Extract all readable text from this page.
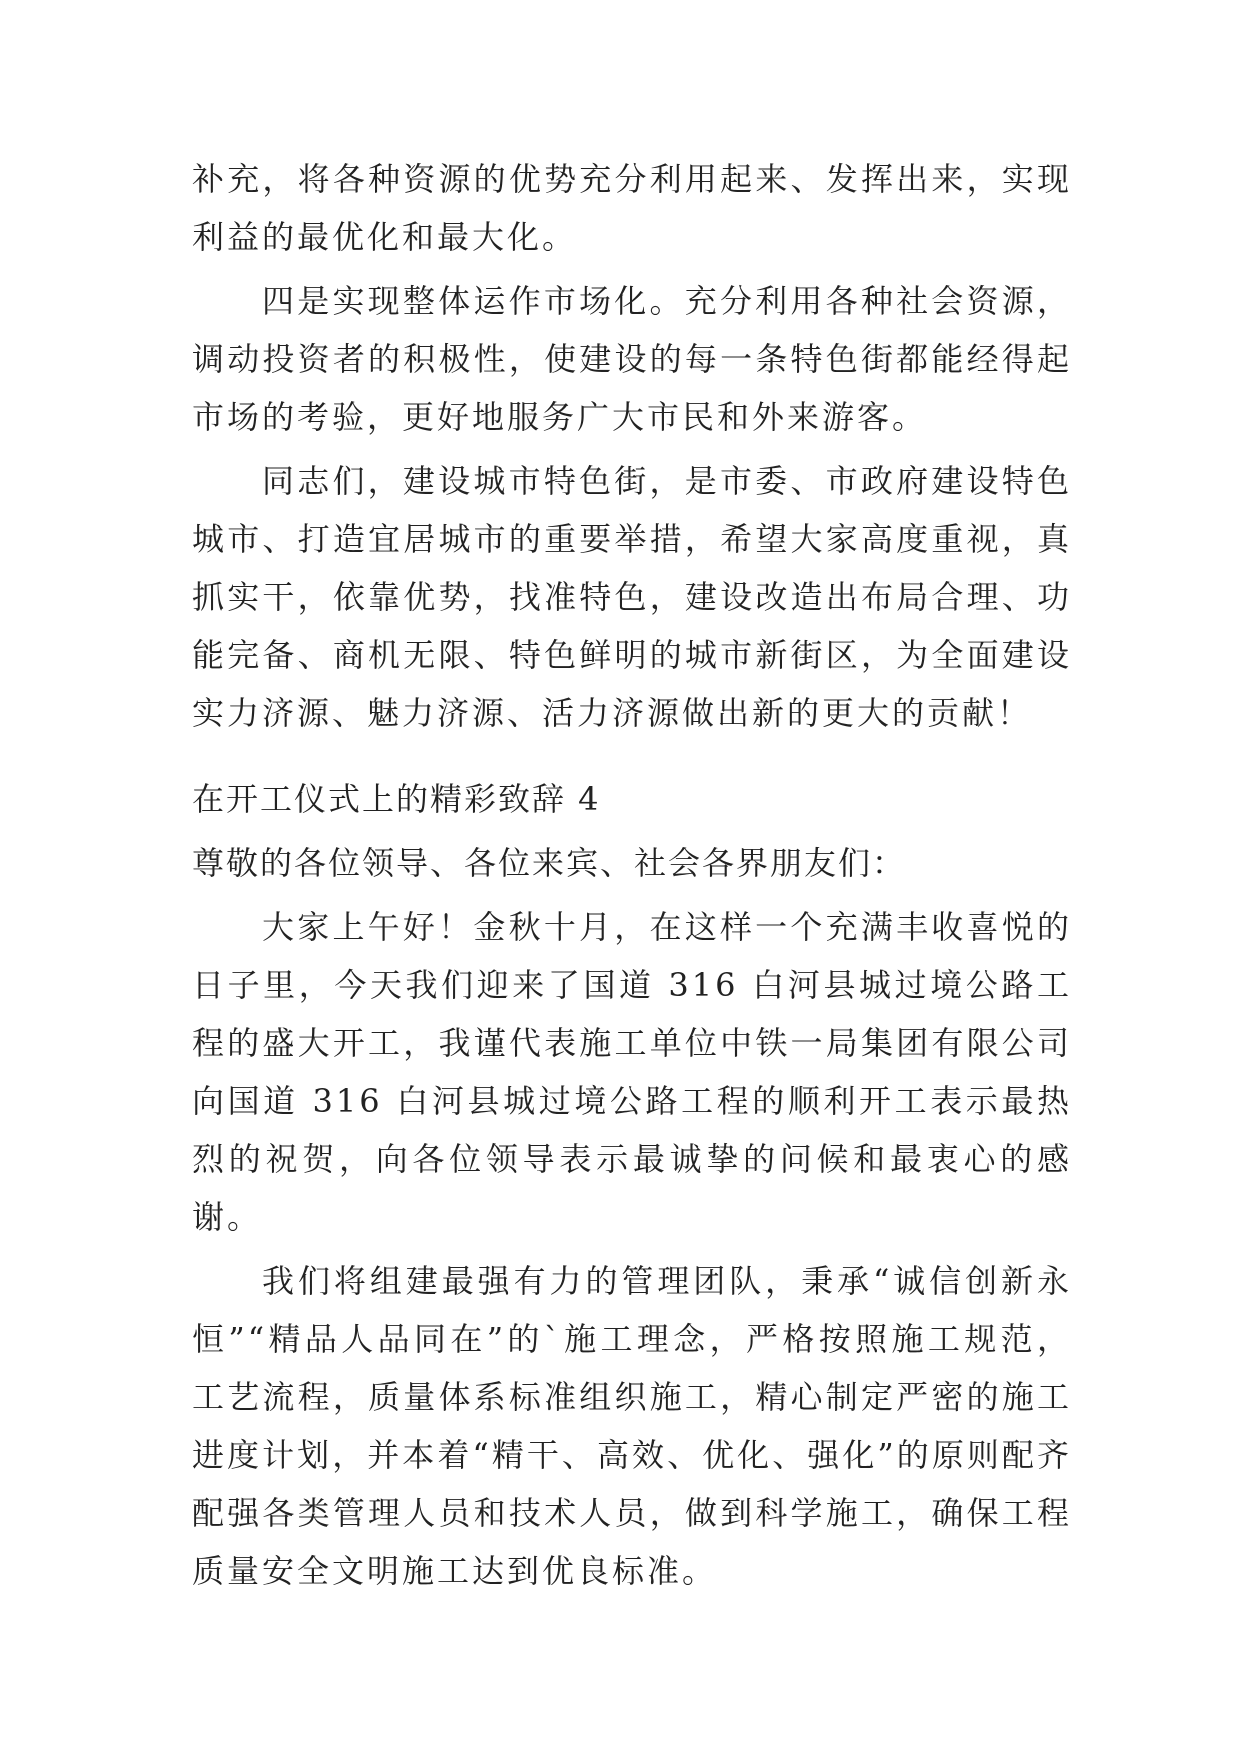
补充，将各种资源的优势充分利用起来、发挥出来，实现利益的最优化和最大化。

四是实现整体运作市场化。充分利用各种社会资源，调动投资者的积极性，使建设的每一条特色街都能经得起市场的考验，更好地服务广大市民和外来游客。

同志们，建设城市特色街，是市委、市政府建设特色城市、打造宜居城市的重要举措，希望大家高度重视，真抓实干，依靠优势，找准特色，建设改造出布局合理、功能完备、商机无限、特色鲜明的城市新街区，为全面建设实力济源、魅力济源、活力济源做出新的更大的贡献！

在开工仪式上的精彩致辞 4

尊敬的各位领导、各位来宾、社会各界朋友们：

大家上午好！金秋十月，在这样一个充满丰收喜悦的日子里，今天我们迎来了国道 316 白河县城过境公路工程的盛大开工，我谨代表施工单位中铁一局集团有限公司向国道 316 白河县城过境公路工程的顺利开工表示最热烈的祝贺，向各位领导表示最诚挚的问候和最衷心的感谢。

我们将组建最强有力的管理团队，秉承“诚信创新永恒”“精品人品同在”的`施工理念，严格按照施工规范，工艺流程，质量体系标准组织施工，精心制定严密的施工进度计划，并本着“精干、高效、优化、强化”的原则配齐配强各类管理人员和技术人员，做到科学施工，确保工程质量安全文明施工达到优良标准。
